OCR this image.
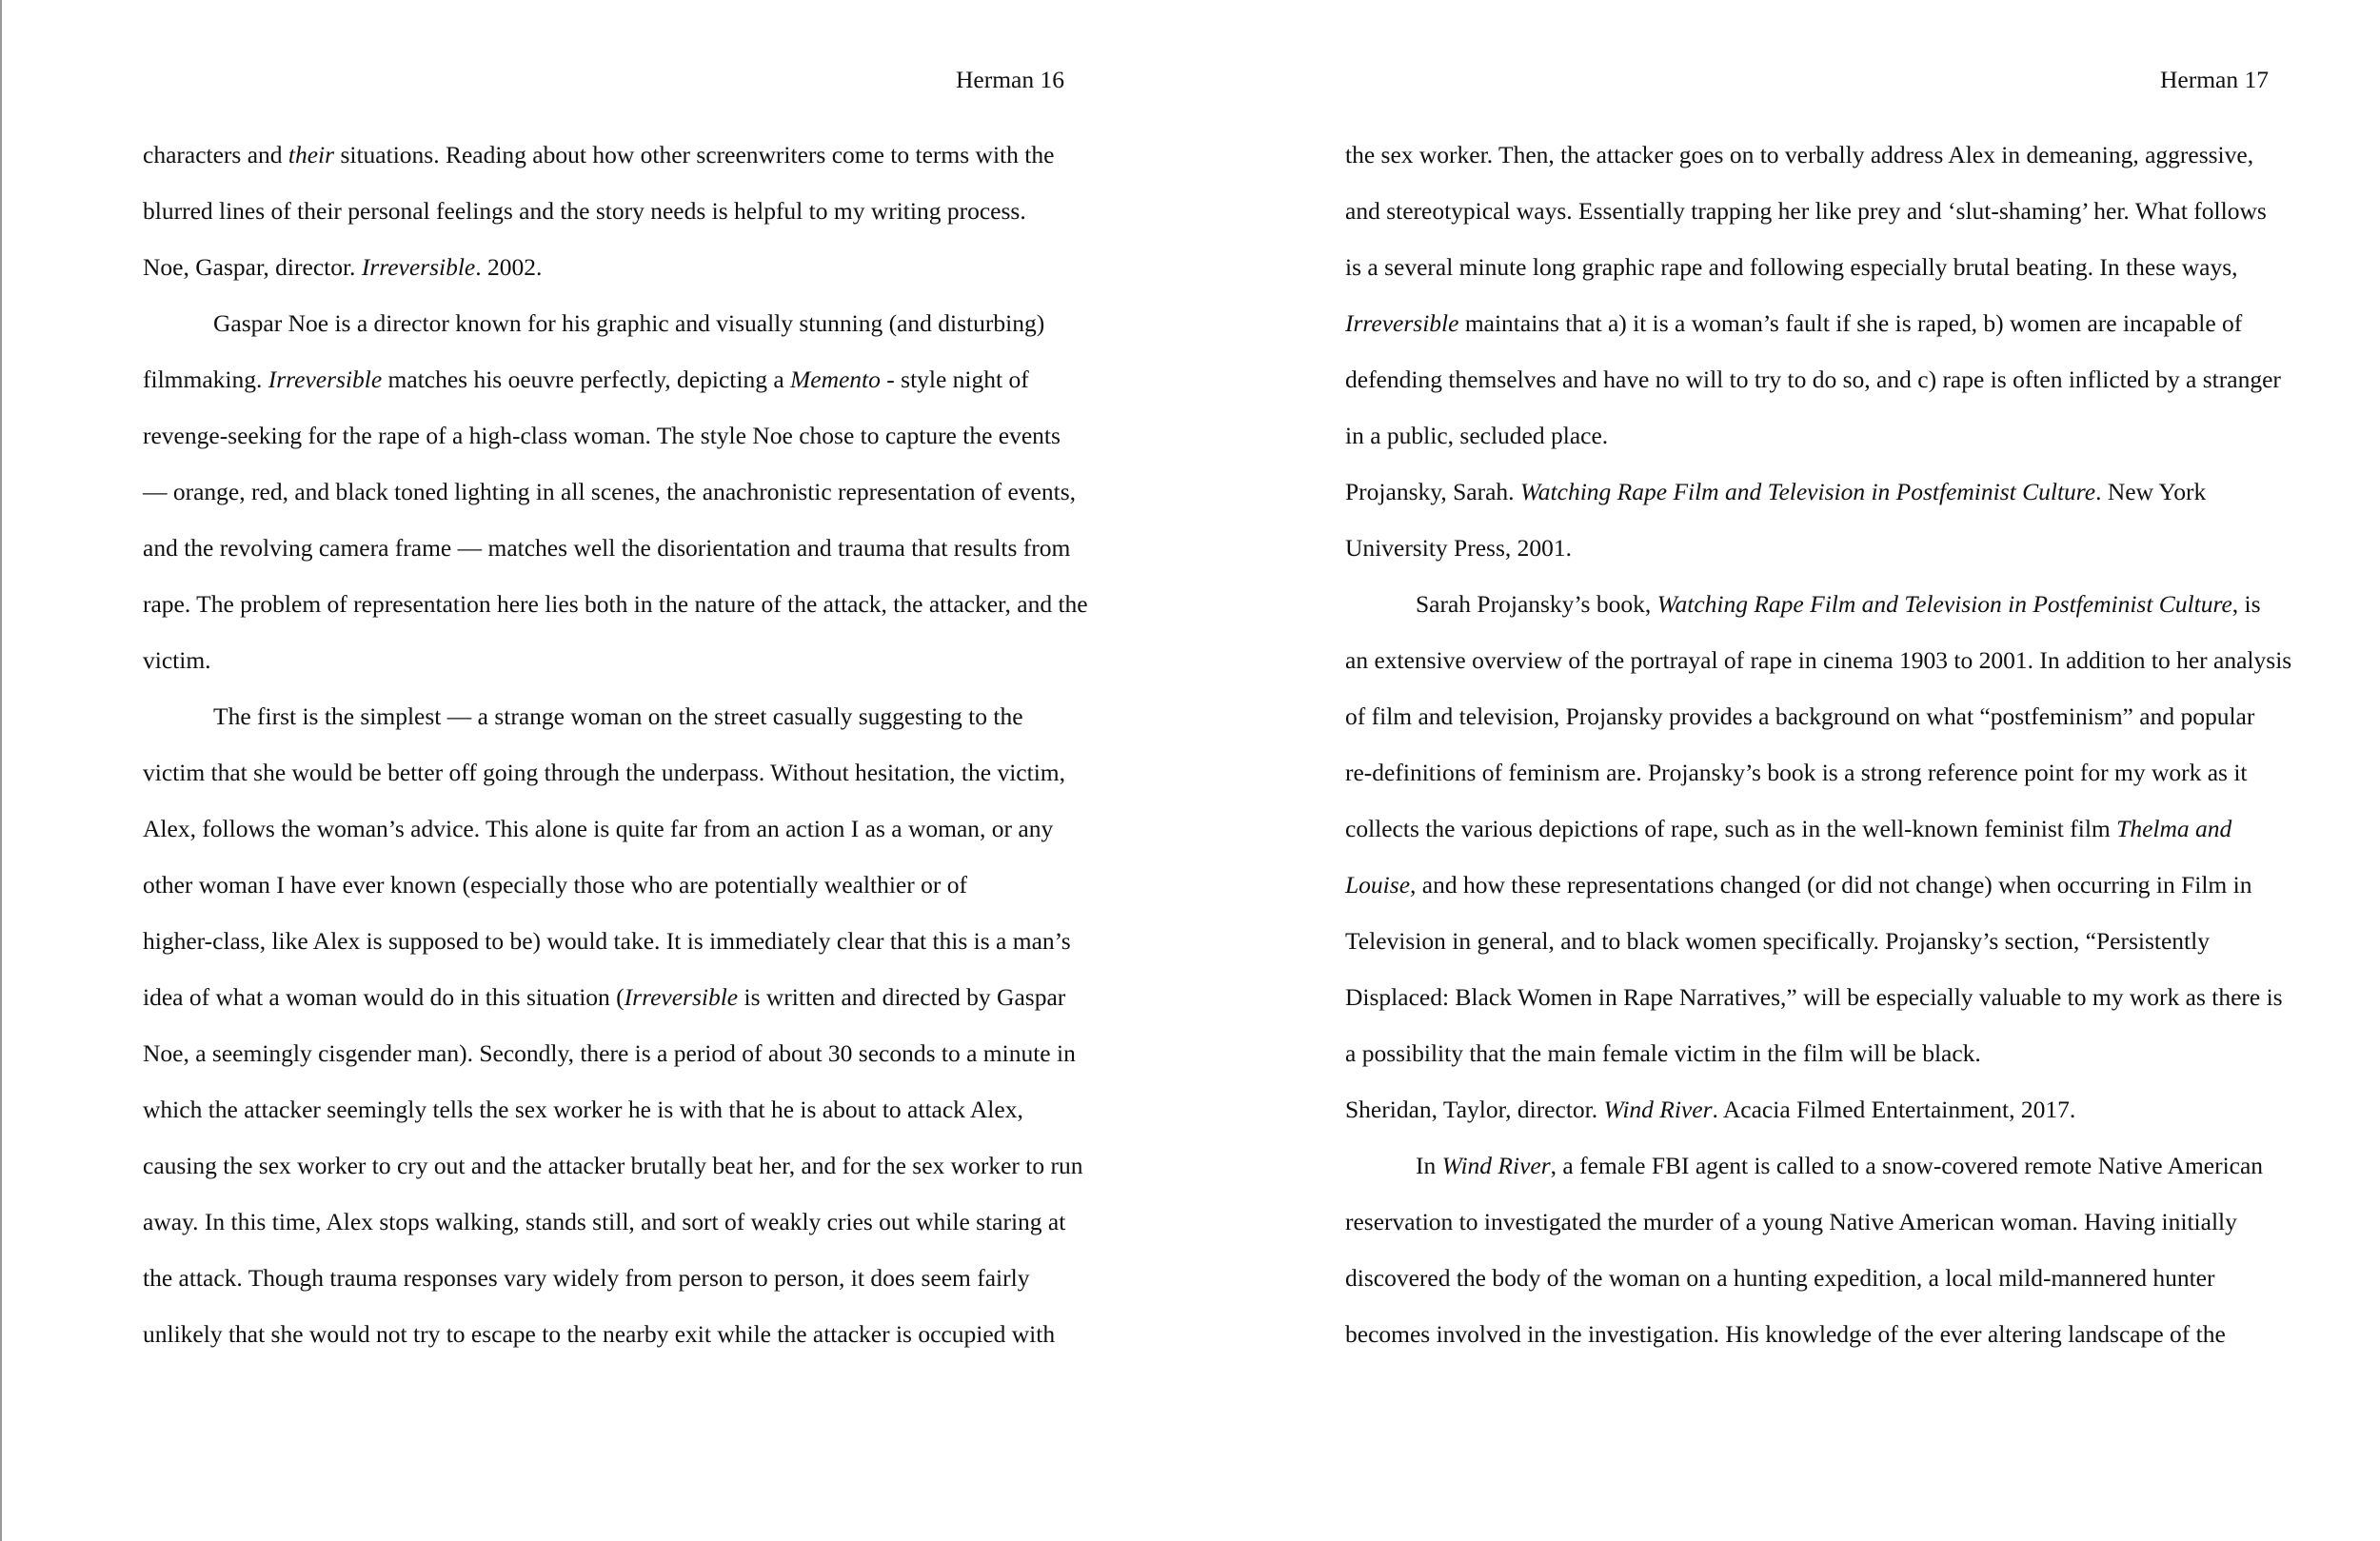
Herman 16
characters and their situations. Reading about how other screenwriters come to terms with the
blurred lines of their personal feelings and the story needs is helpful to my writing process.
Noe, Gaspar, director. Irreversible. 2002.
Gaspar Noe is a director known for his graphic and visually stunning (and disturbing)
filmmaking. Irreversible matches his oeuvre perfectly, depicting a Memento - style night of
revenge-seeking for the rape of a high-class woman. The style Noe chose to capture the events
— orange, red, and black toned lighting in all scenes, the anachronistic representation of events,
and the revolving camera frame — matches well the disorientation and trauma that results from
rape. The problem of representation here lies both in the nature of the attack, the attacker, and the
victim.
The first is the simplest — a strange woman on the street casually suggesting to the
victim that she would be better off going through the underpass. Without hesitation, the victim,
Alex, follows the woman’s advice. This alone is quite far from an action I as a woman, or any
other woman I have ever known (especially those who are potentially wealthier or of
higher-class, like Alex is supposed to be) would take. It is immediately clear that this is a man’s
idea of what a woman would do in this situation (Irreversible is written and directed by Gaspar
Noe, a seemingly cisgender man). Secondly, there is a period of about 30 seconds to a minute in
which the attacker seemingly tells the sex worker he is with that he is about to attack Alex,
causing the sex worker to cry out and the attacker brutally beat her, and for the sex worker to run
away. In this time, Alex stops walking, stands still, and sort of weakly cries out while staring at
the attack. Though trauma responses vary widely from person to person, it does seem fairly
unlikely that she would not try to escape to the nearby exit while the attacker is occupied with
Herman 17
the sex worker. Then, the attacker goes on to verbally address Alex in demeaning, aggressive,
and stereotypical ways. Essentially trapping her like prey and ‘slut-shaming’ her. What follows
is a several minute long graphic rape and following especially brutal beating. In these ways,
Irreversible maintains that a) it is a woman’s fault if she is raped, b) women are incapable of
defending themselves and have no will to try to do so, and c) rape is often inflicted by a stranger
in a public, secluded place.
Projansky, Sarah. Watching Rape Film and Television in Postfeminist Culture. New York
University Press, 2001.
Sarah Projansky’s book, Watching Rape Film and Television in Postfeminist Culture, is
an extensive overview of the portrayal of rape in cinema 1903 to 2001. In addition to her analysis
of film and television, Projansky provides a background on what “postfeminism” and popular
re-definitions of feminism are. Projansky’s book is a strong reference point for my work as it
collects the various depictions of rape, such as in the well-known feminist film Thelma and
Louise, and how these representations changed (or did not change) when occurring in Film in
Television in general, and to black women specifically. Projansky’s section, “Persistently
Displaced: Black Women in Rape Narratives,” will be especially valuable to my work as there is
a possibility that the main female victim in the film will be black.
Sheridan, Taylor, director. Wind River. Acacia Filmed Entertainment, 2017.
In Wind River, a female FBI agent is called to a snow-covered remote Native American
reservation to investigated the murder of a young Native American woman. Having initially
discovered the body of the woman on a hunting expedition, a local mild-mannered hunter
becomes involved in the investigation. His knowledge of the ever altering landscape of the
